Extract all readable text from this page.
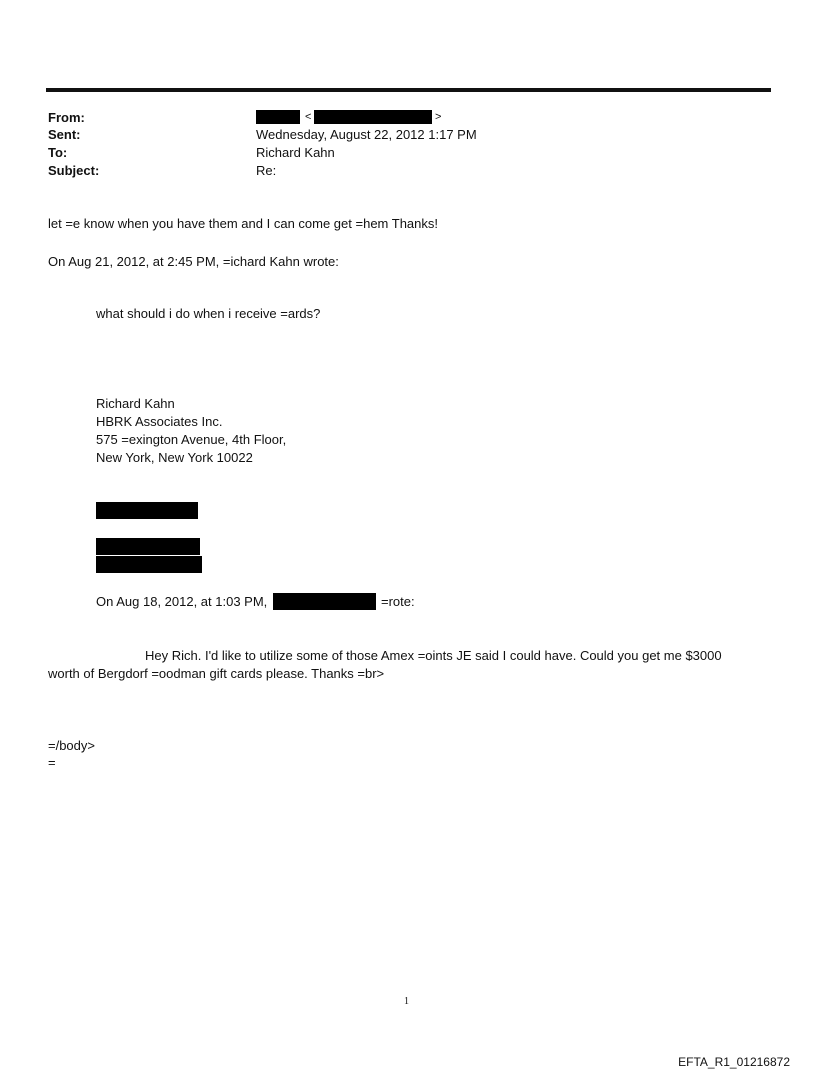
From:
Sent:
To:
Subject:
<	>
Wednesday, August 22, 2012 1:17 PM
Richard Kahn
Re:
let =e know when you have them and I can come get =hem Thanks!
On Aug 21, 2012, at 2:45 PM, =ichard Kahn wrote:
what should i do when i receive =ards?
Richard Kahn
HBRK Associates Inc.
575 =exington Avenue, 4th Floor,
New York, New York 10022
On Aug 18, 2012, at 1:03 PM,	=rote:
Hey Rich. I'd like to utilize some of those Amex =oints JE said I could have. Could you get me $3000
worth of Bergdorf =oodman gift cards please. Thanks =br>
=/body>
=
1
EFTA_R1_01216872
